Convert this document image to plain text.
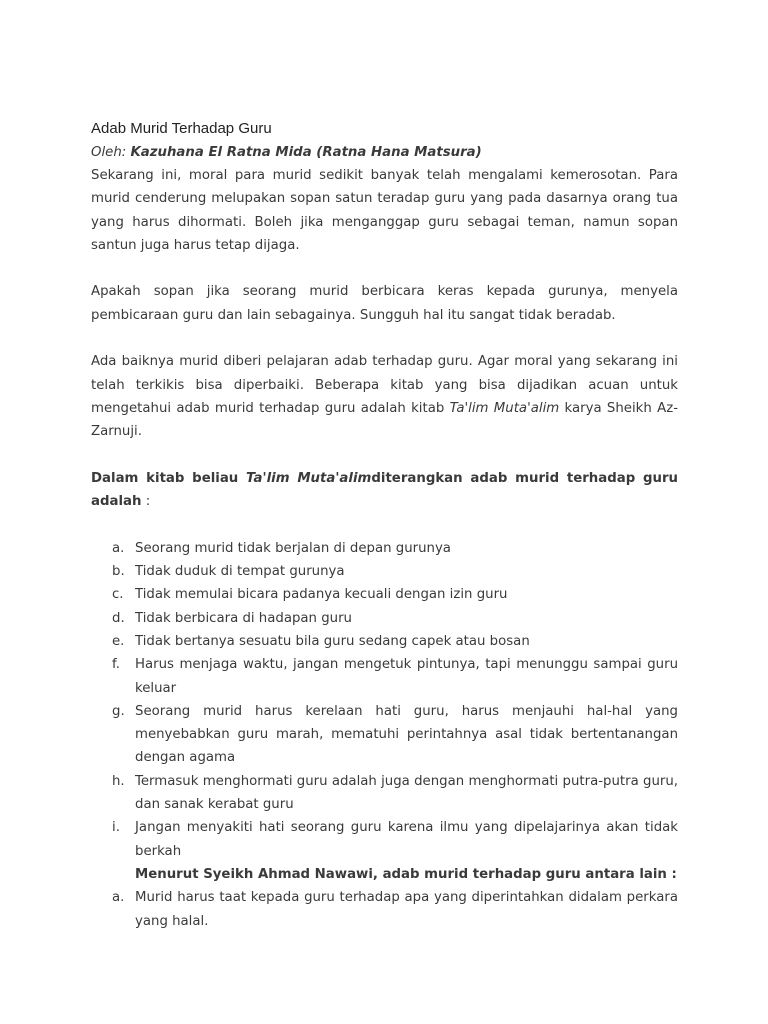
Adab Murid Terhadap Guru

Oleh: Kazuhana El Ratna Mida (Ratna Hana Matsura)

Sekarang ini, moral para murid sedikit banyak telah mengalami kemerosotan. Para murid cenderung melupakan sopan satun teradap guru yang pada dasarnya orang tua yang harus dihormati. Boleh jika menganggap guru sebagai teman, namun sopan santun juga harus tetap dijaga.

Apakah sopan jika seorang murid berbicara keras kepada gurunya, menyela pembicaraan guru dan lain sebagainya. Sungguh hal itu sangat tidak beradab.

Ada baiknya murid diberi pelajaran adab terhadap guru. Agar moral yang sekarang ini telah terkikis bisa diperbaiki. Beberapa kitab yang bisa dijadikan acuan untuk mengetahui adab murid terhadap guru adalah kitab Ta'lim Muta'alim karya Sheikh Az-Zarnuji.

Dalam kitab beliau Ta'lim Muta'alimditerangkan adab murid terhadap guru adalah :
a. Seorang murid tidak berjalan di depan gurunya
b. Tidak duduk di tempat gurunya
c. Tidak memulai bicara padanya kecuali dengan izin guru
d. Tidak berbicara di hadapan guru
e. Tidak bertanya sesuatu bila guru sedang capek atau bosan
f. Harus menjaga waktu, jangan mengetuk pintunya, tapi menunggu sampai guru keluar
g. Seorang murid harus kerelaan hati guru, harus menjauhi hal-hal yang menyebabkan guru marah, mematuhi perintahnya asal tidak bertentanangan dengan agama
h. Termasuk menghormati guru adalah juga dengan menghormati putra-putra guru, dan sanak kerabat guru
i. Jangan menyakiti hati seorang guru karena ilmu yang dipelajarinya akan tidak berkah
Menurut Syeikh Ahmad Nawawi, adab murid terhadap guru antara lain :
a. Murid harus taat kepada guru terhadap apa yang diperintahkan didalam perkara yang halal.
